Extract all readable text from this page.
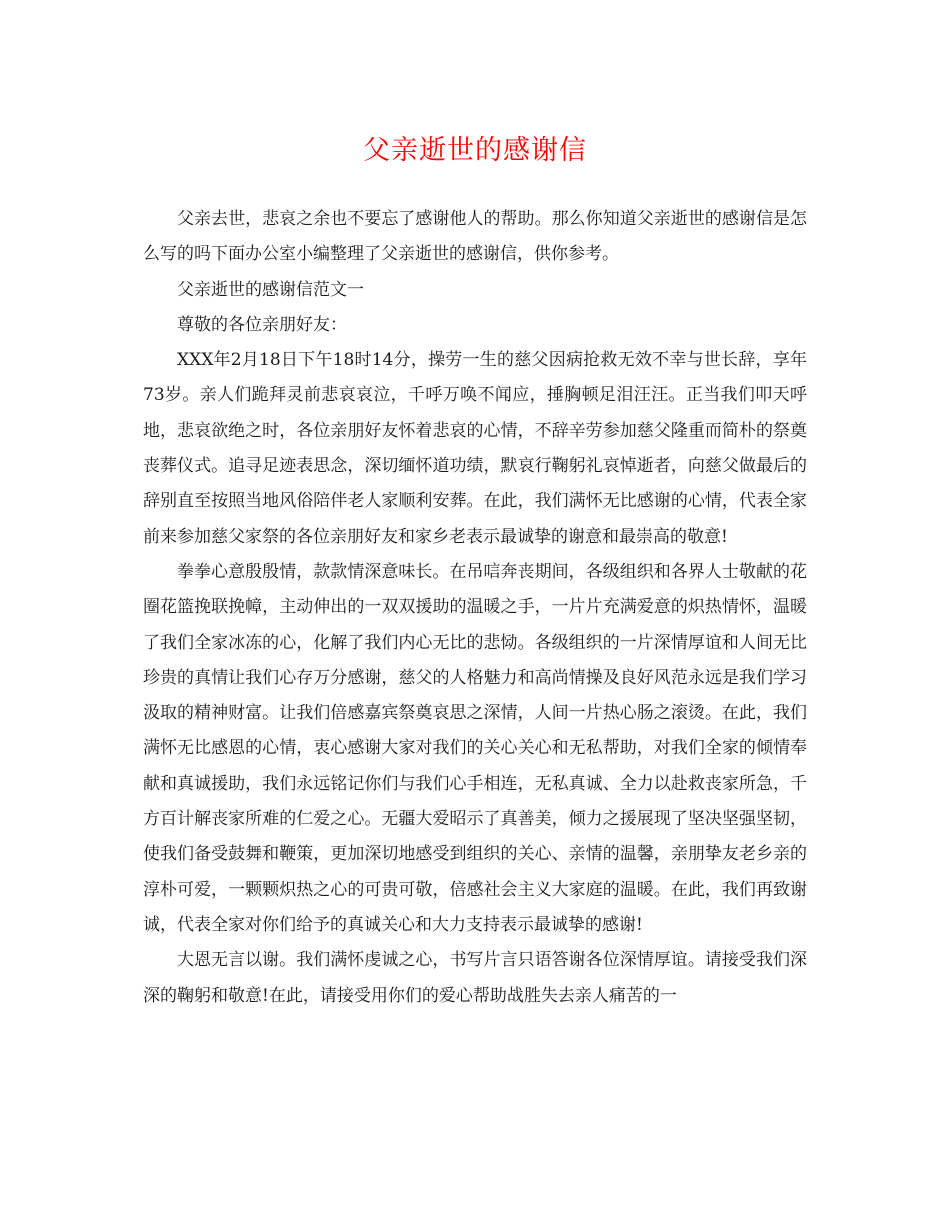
父亲逝世的感谢信

父亲去世，悲哀之余也不要忘了感谢他人的帮助。那么你知道父亲逝世的感谢信是怎么写的吗下面办公室小编整理了父亲逝世的感谢信，供你参考。

父亲逝世的感谢信范文一

尊敬的各位亲朋好友：

XXX年2月18日下午18时14分，操劳一生的慈父因病抢救无效不幸与世长辞，享年73岁。亲人们跪拜灵前悲哀哀泣，千呼万唤不闻应，捶胸顿足泪汪汪。正当我们叩天呼地，悲哀欲绝之时，各位亲朋好友怀着悲哀的心情，不辞辛劳参加慈父隆重而简朴的祭奠丧葬仪式。追寻足迹表思念，深切缅怀道功绩，默哀行鞠躬礼哀悼逝者，向慈父做最后的辞别直至按照当地风俗陪伴老人家顺利安葬。在此，我们满怀无比感谢的心情，代表全家前来参加慈父家祭的各位亲朋好友和家乡老表示最诚挚的谢意和最崇高的敬意!

拳拳心意殷殷情，款款情深意味长。在吊唁奔丧期间，各级组织和各界人士敬献的花圈花篮挽联挽幛，主动伸出的一双双援助的温暖之手，一片片充满爱意的炽热情怀，温暖了我们全家冰冻的心，化解了我们内心无比的悲恸。各级组织的一片深情厚谊和人间无比珍贵的真情让我们心存万分感谢，慈父的人格魅力和高尚情操及良好风范永远是我们学习汲取的精神财富。让我们倍感嘉宾祭奠哀思之深情，人间一片热心肠之滚烫。在此，我们满怀无比感恩的心情，衷心感谢大家对我们的关心关心和无私帮助，对我们全家的倾情奉献和真诚援助，我们永远铭记你们与我们心手相连，无私真诚、全力以赴救丧家所急，千方百计解丧家所难的仁爱之心。无疆大爱昭示了真善美，倾力之援展现了坚决坚强坚韧，使我们备受鼓舞和鞭策，更加深切地感受到组织的关心、亲情的温馨，亲朋挚友老乡亲的淳朴可爱，一颗颗炽热之心的可贵可敬，倍感社会主义大家庭的温暖。在此，我们再致谢诚，代表全家对你们给予的真诚关心和大力支持表示最诚挚的感谢!

大恩无言以谢。我们满怀虔诚之心，书写片言只语答谢各位深情厚谊。请接受我们深深的鞠躬和敬意!在此，请接受用你们的爱心帮助战胜失去亲人痛苦的一
